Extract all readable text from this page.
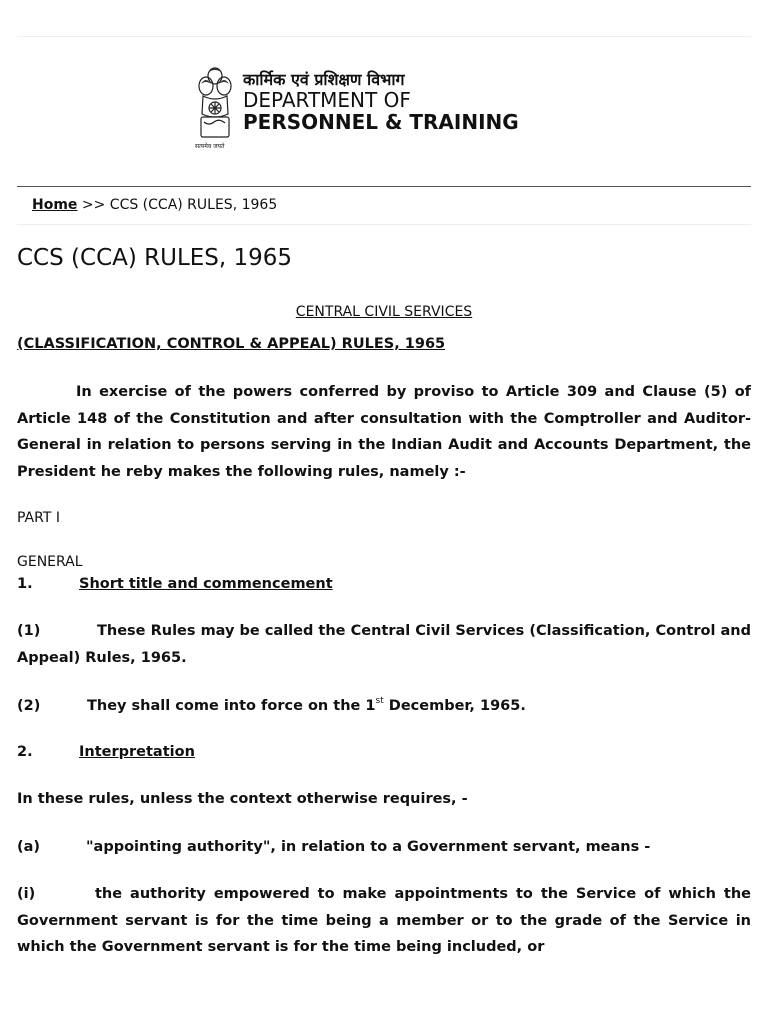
सत्यमेव जयते
कार्मिक एवं प्रशिक्षण विभाग
DEPARTMENT OF
PERSONNEL & TRAINING
Home >> CCS (CCA) RULES, 1965
CCS (CCA) RULES, 1965
CENTRAL CIVIL SERVICES
(CLASSIFICATION, CONTROL & APPEAL) RULES, 1965

In exercise of the powers conferred by proviso to Article 309 and Clause (5) of Article 148 of the Constitution and after consultation with the Comptroller and Auditor-General in relation to persons serving in the Indian Audit and Accounts Department, the President he reby makes the following rules, namely :-

PART I
GENERAL
1.	Short title and commencement
(1)	These Rules may be called the Central Civil Services (Classification, Control and Appeal) Rules, 1965.
(2)	They shall come into force on the 1st December, 1965.
2.	Interpretation
In these rules, unless the context otherwise requires, -
(a)	"appointing authority", in relation to a Government servant, means -
(i)	the authority empowered to make appointments to the Service of which the Government servant is for the time being a member or to the grade of the Service in which the Government servant is for the time being included, or
